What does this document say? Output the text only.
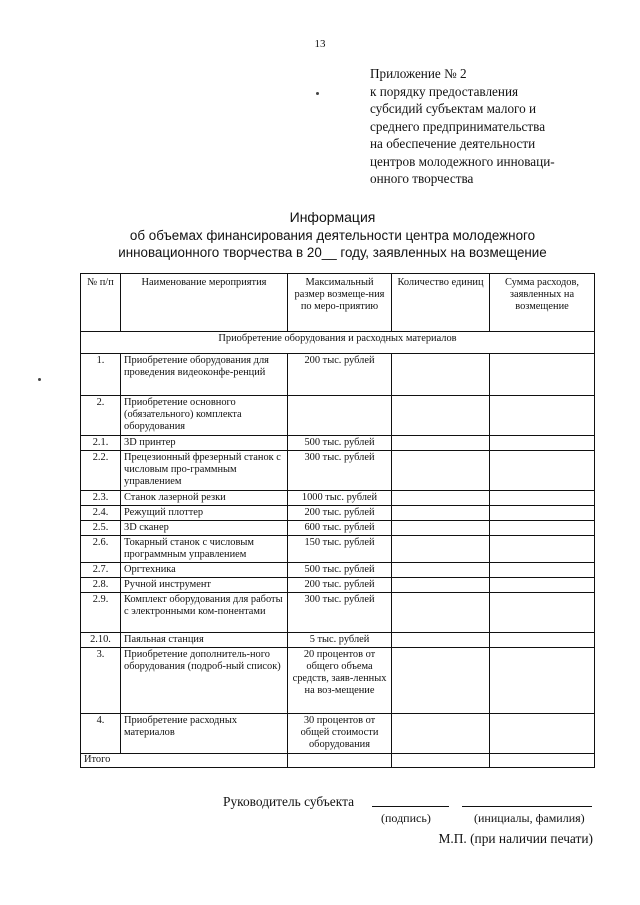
13
Приложение № 2
к порядку предоставления
субсидий субъектам малого и
среднего предпринимательства
на обеспечение деятельности
центров молодежного инноваци-
онного творчества
Информация
об объемах финансирования деятельности центра молодежного
инновационного творчества в 20__ году, заявленных на возмещение
№ п/п	Наименование мероприятия	Максимальный размер возмеще-ния по меро-приятию	Количество единиц	Сумма расходов, заявленных на возмещение
Приобретение оборудования и расходных материалов				
1.	Приобретение оборудования для проведения видеоконфе-ренций	200 тыс. рублей		
2.	Приобретение основного (обязательного) комплекта оборудования			
2.1.	3D принтер	500 тыс. рублей		
2.2.	Прецезионный фрезерный станок с числовым про-граммным управлением	300 тыс. рублей		
2.3.	Станок лазерной резки	1000 тыс. рублей		
2.4.	Режущий плоттер	200 тыс. рублей		
2.5.	3D сканер	600 тыс. рублей		
2.6.	Токарный станок с числовым программным управлением	150 тыс. рублей		
2.7.	Оргтехника	500 тыс. рублей		
2.8.	Ручной инструмент	200 тыс. рублей		
2.9.	Комплект оборудования для работы с электронными ком-понентами	300 тыс. рублей		
2.10.	Паяльная станция	5 тыс. рублей		
3.	Приобретение дополнитель-ного оборудования (подроб-ный список)	20 процентов от общего объема средств, заяв-ленных на воз-мещение		
4.	Приобретение расходных материалов	30 процентов от общей стоимости оборудования		
Итого				
Руководитель субъекта
(подпись)	(инициалы, фамилия)
М.П. (при наличии печати)
